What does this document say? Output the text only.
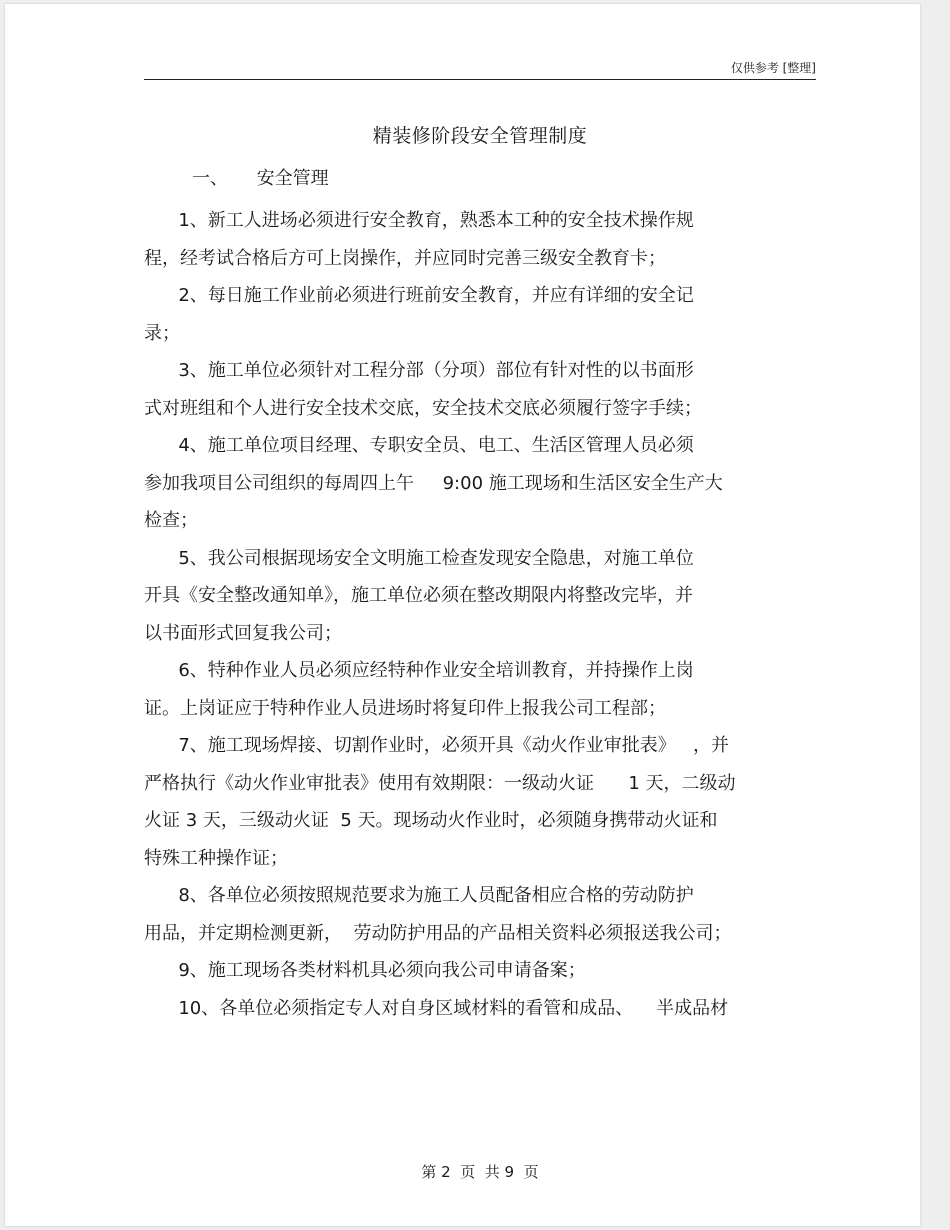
仅供参考 [整理]
精装修阶段安全管理制度
一、     安全管理
1、新工人进场必须进行安全教育，熟悉本工种的安全技术操作规
程，经考试合格后方可上岗操作，并应同时完善三级安全教育卡；
2、每日施工作业前必须进行班前安全教育，并应有详细的安全记
录；
3、施工单位必须针对工程分部（分项）部位有针对性的以书面形
式对班组和个人进行安全技术交底，安全技术交底必须履行签字手续；
4、施工单位项目经理、专职安全员、电工、生活区管理人员必须
参加我项目公司组织的每周四上午     9:00 施工现场和生活区安全生产大
检查；
5、我公司根据现场安全文明施工检查发现安全隐患，对施工单位
开具《安全整改通知单》，施工单位必须在整改期限内将整改完毕，并
以书面形式回复我公司；
6、特种作业人员必须应经特种作业安全培训教育，并持操作上岗
证。上岗证应于特种作业人员进场时将复印件上报我公司工程部；
7、施工现场焊接、切割作业时，必须开具《动火作业审批表》   ，并
严格执行《动火作业审批表》使用有效期限：一级动火证      1 天，二级动
火证 3 天，三级动火证  5 天。现场动火作业时，必须随身携带动火证和
特殊工种操作证；
8、各单位必须按照规范要求为施工人员配备相应合格的劳动防护
用品，并定期检测更新，  劳动防护用品的产品相关资料必须报送我公司；
9、施工现场各类材料机具必须向我公司申请备案；
10、各单位必须指定专人对自身区域材料的看管和成品、    半成品材
第 2  页  共 9  页
